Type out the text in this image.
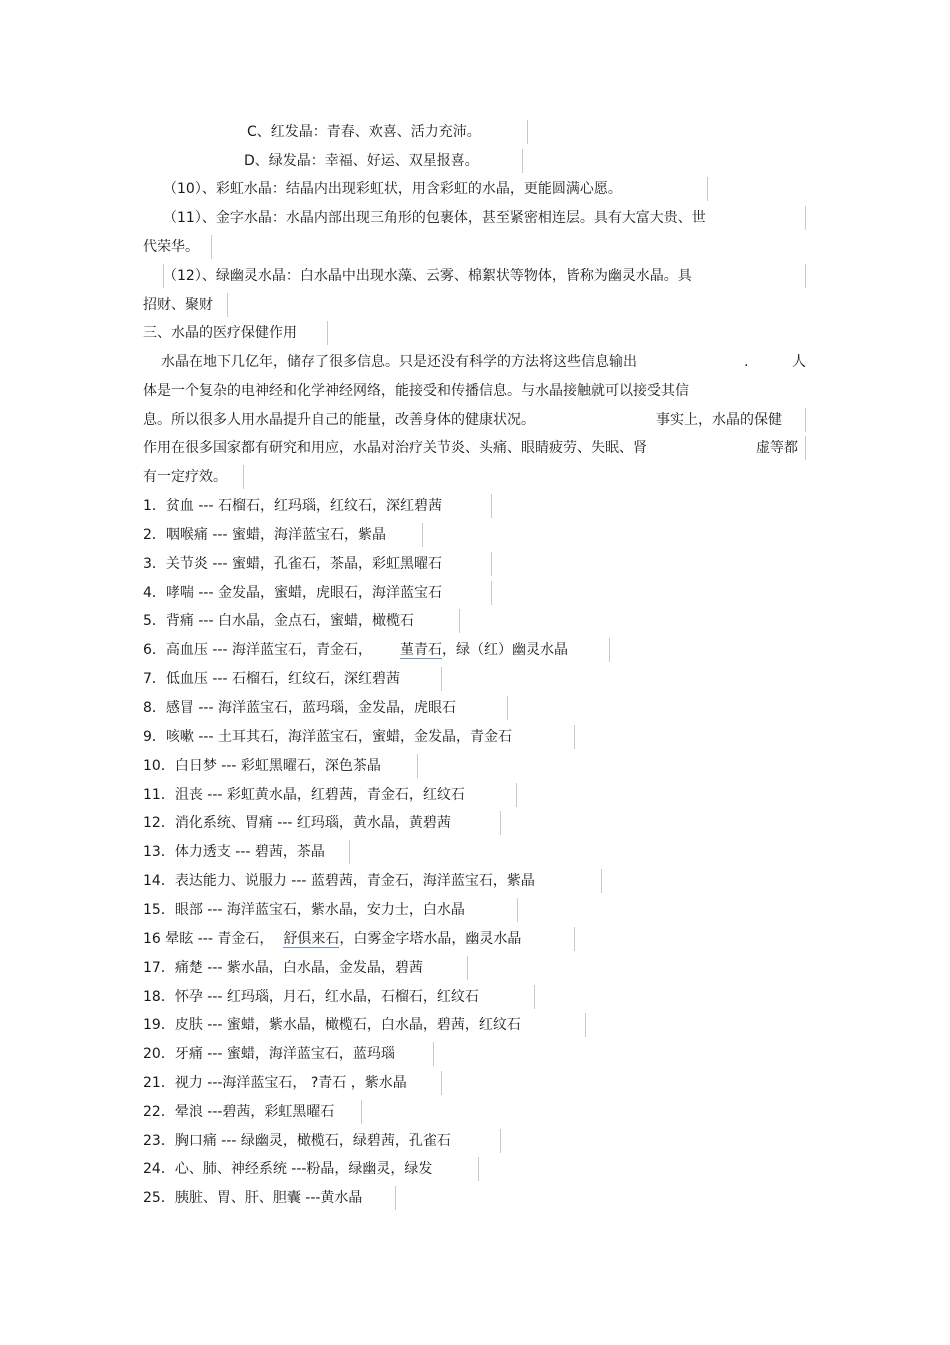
C、红发晶：青春、欢喜、活力充沛。
D、绿发晶：幸福、好运、双星报喜。
（10）、彩虹水晶：结晶内出现彩虹状，用含彩虹的水晶，更能圆满心愿。
（11）、金字水晶：水晶内部出现三角形的包裹体，甚至紧密相连层。具有大富大贵、世
代荣华。
（12）、绿幽灵水晶：白水晶中出现水藻、云雾、棉絮状等物体，皆称为幽灵水晶。具
招财、聚财
三、水晶的医疗保健作用
水晶在地下几亿年，储存了很多信息。只是还没有科学的方法将这些信息输出	.	人
体是一个复杂的电神经和化学神经网络，能接受和传播信息。与水晶接触就可以接受其信
息。所以很多人用水晶提升自己的能量，改善身体的健康状况。	事实上，水晶的保健
作用在很多国家都有研究和用应，水晶对治疗关节炎、头痛、眼睛疲劳、失眠、肾	虚等都
有一定疗效。
1．贫血 --- 石榴石，红玛瑙，红纹石，深红碧茜
2．咽喉痛 --- 蜜蜡，海洋蓝宝石，紫晶
3．关节炎 --- 蜜蜡，孔雀石，茶晶，彩虹黑曜石
4．哮喘 --- 金发晶，蜜蜡，虎眼石，海洋蓝宝石
5．背痛 --- 白水晶，金点石，蜜蜡，橄榄石
6．高血压 --- 海洋蓝宝石，青金石， 堇青石，绿（红）幽灵水晶
7．低血压 --- 石榴石，红纹石，深红碧茜
8．感冒 --- 海洋蓝宝石，蓝玛瑙，金发晶，虎眼石
9．咳嗽 --- 土耳其石，海洋蓝宝石，蜜蜡，金发晶，青金石
10．白日梦 --- 彩虹黑曜石，深色茶晶
11．沮丧 --- 彩虹黄水晶，红碧茜，青金石，红纹石
12．消化系统、胃痛 --- 红玛瑙，黄水晶，黄碧茜
13．体力透支 --- 碧茜，茶晶
14．表达能力、说服力 --- 蓝碧茜，青金石，海洋蓝宝石，紫晶
15．眼部 --- 海洋蓝宝石，紫水晶，安力士，白水晶
16 晕眩 --- 青金石， 舒俱来石，白雾金字塔水晶，幽灵水晶
17．痛楚 --- 紫水晶，白水晶，金发晶，碧茜
18．怀孕 --- 红玛瑙，月石，红水晶，石榴石，红纹石
19．皮肤 --- 蜜蜡，紫水晶，橄榄石，白水晶，碧茜，红纹石
20．牙痛 --- 蜜蜡，海洋蓝宝石，蓝玛瑙
21．视力 ---海洋蓝宝石， ?青石 ，紫水晶
22．晕浪 ---碧茜，彩虹黑曜石
23．胸口痛 --- 绿幽灵，橄榄石，绿碧茜，孔雀石
24．心、肺、神经系统 ---粉晶，绿幽灵，绿发
25．胰脏、胃、肝、胆囊 ---黄水晶
